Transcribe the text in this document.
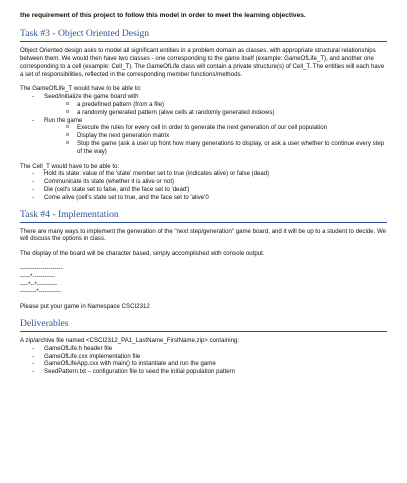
the requirement of this project to follow this model in order to meet the learning objectives.

Task #3 - Object Oriented Design

Object Oriented design asks to model all significant entities in a problem domain as classes, with appropriate structural relationships between them. We would then have two classes - one corresponding to the game itself (example: GameOfLife_T), and another one corresponding to a cell (example: Cell_T). The GameOfLife class will contain a private structure(s) of Cell_T. The entities will each have a set of responsibilities, reflected in the corresponding member functions/methods.

The GameOfLife_T would have to be able to:

- Seed/initialize the game board with
o a predefined pattern (from a file)
o a randomly generated pattern (alive cells at randomly generated indexes)
- Run the game
o Execute the rules for every cell in order to generate the next generation of our cell population
o Display the next generation matrix
o Stop the game (ask a user up front how many generations to display, or ask a user whether to continue every step of the way)

The Cell_T would have to be able to:

- Hold its state: value of the 'state' member set to true (indicates alive) or false (dead)
- Communicate its state (whether it is alive or not)
- Die (cell's state set to false, and the face set to 'dead')
- Come alive (cell's state set to true, and the face set to 'alive'0
Task #4 - Implementation

There are many ways to implement the generation of the "next step/generation" game board, and it will be up to a student to decide. We will discuss the options in class.

The display of the board will be character based, simply accomplished with console output.

---------------------
-----*-----------
----*--*----------
--------*-----------

Please put your game in Namespace CSCI2312

Deliverables

A zip/archive file named <CSCI2312_PA1_LastName_FirstName.zip> containing:

- GameOfLife.h header file
- GameOfLife.cxx implementation file
- GameOfLifeApp.cxx with main() to instantiate and run the game
- SeedPattern.txt – configuration file to seed the initial population pattern
